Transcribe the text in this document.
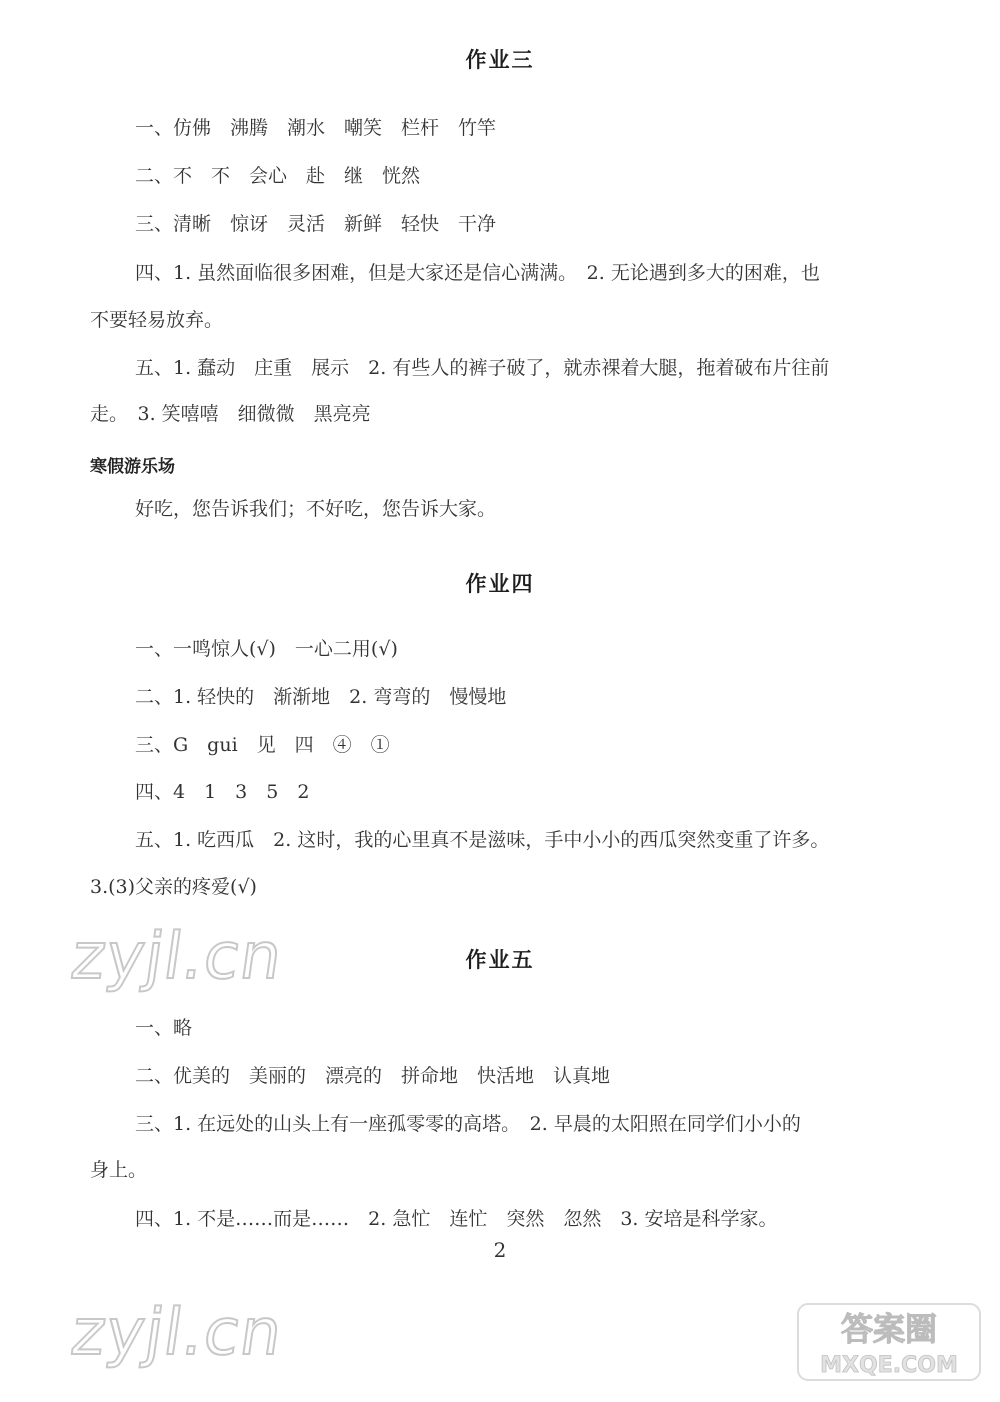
作业三
一、仿佛　沸腾　潮水　嘲笑　栏杆　竹竿
二、不　不　会心　赴　继　恍然
三、清晰　惊讶　灵活　新鲜　轻快　干净
四、1. 虽然面临很多困难，但是大家还是信心满满。　2. 无论遇到多大的困难，也
不要轻易放弃。
五、1. 蠢动　庄重　展示　2. 有些人的裤子破了，就赤裸着大腿，拖着破布片往前
走。　3. 笑嘻嘻　细微微　黑亮亮
寒假游乐场
好吃，您告诉我们；不好吃，您告诉大家。
作业四
一、一鸣惊人(√)　一心二用(√)
二、1. 轻快的　渐渐地　2. 弯弯的　慢慢地
三、G　gui　见　四　④　①
四、4　1　3　5　2
五、1. 吃西瓜　2. 这时，我的心里真不是滋味，手中小小的西瓜突然变重了许多。
3.(3)父亲的疼爱(√)
zyjl.cn	作业五
一、略
二、优美的　美丽的　漂亮的　拼命地　快活地　认真地
三、1. 在远处的山头上有一座孤零零的高塔。　2. 早晨的太阳照在同学们小小的
身上。
四、1. 不是……而是……　2. 急忙　连忙　突然　忽然　3. 安培是科学家。
2
zyjl.cn	答案圈
MXQE.COM
